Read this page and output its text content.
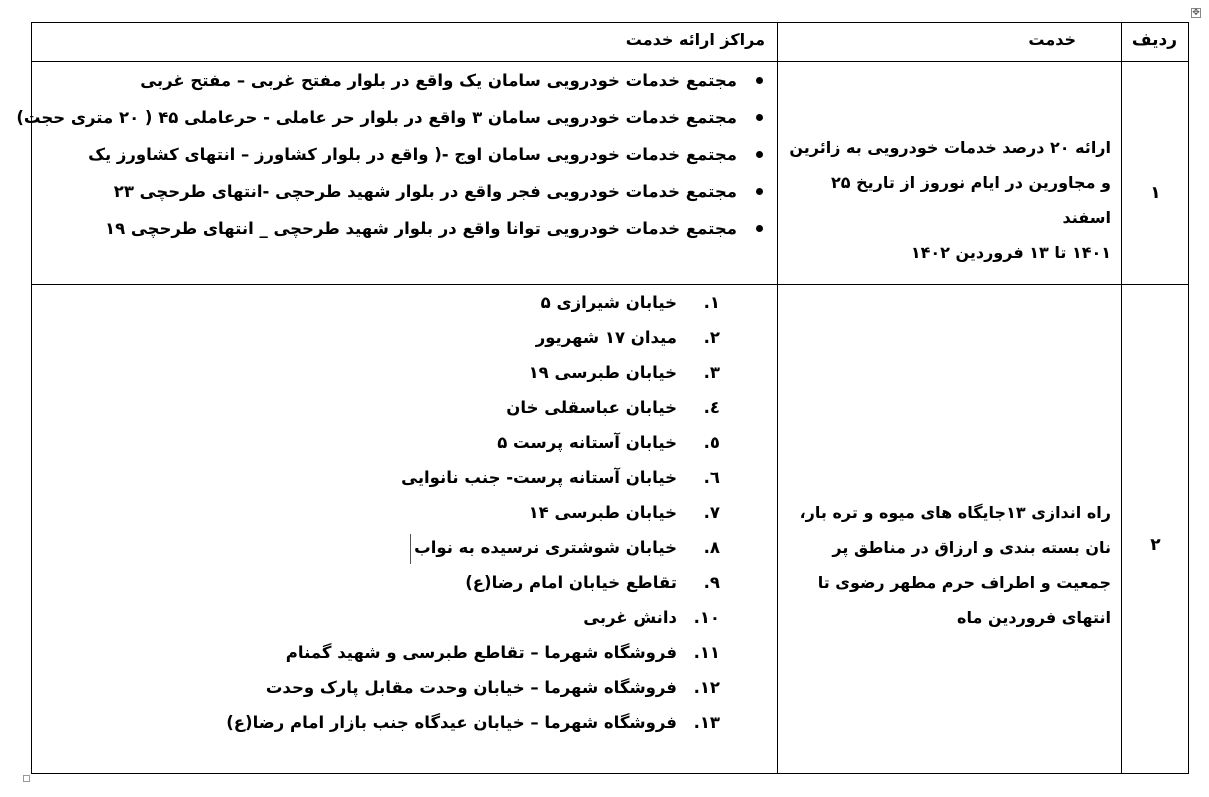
✥
ردیف
خدمت
مراکز ارائه خدمت
۱
ارائه ۲۰ درصد خدمات خودرویی به زائرین
و مجاورین در ایام نوروز از تاریخ ۲۵ اسفند
۱۴۰۱ تا ۱۳ فروردین ۱۴۰۲
مجتمع خدمات خودرویی سامان یک واقع در بلوار مفتح غربی – مفتح غربی
مجتمع خدمات خودرویی سامان ۳ واقع در بلوار حر عاملی - حرعاملی ۴۵ ( ۲۰ متری حجت)
مجتمع خدمات خودرویی سامان اوج -( واقع در بلوار کشاورز – انتهای کشاورز یک
مجتمع خدمات خودرویی فجر واقع در بلوار شهید طرحچی -انتهای طرحچی ۲۳
مجتمع خدمات خودرویی توانا واقع در بلوار شهید طرحچی _ انتهای طرحچی ۱۹
۲
راه اندازی ۱۳جایگاه های میوه و تره بار،
نان بسته بندی و ارزاق در مناطق پر
جمعیت و اطراف حرم مطهر رضوی تا
انتهای فروردین ماه
۱.
خیابان شیرازی ۵
۲.
میدان ۱۷ شهریور
۳.
خیابان طبرسی ۱۹
٤.
خیابان عباسقلی خان
٥.
خیابان آستانه پرست ۵
٦.
خیابان آستانه پرست- جنب نانوایی
۷.
خیابان طبرسی ۱۴
۸.
خیابان شوشتری نرسیده به نواب
۹.
تقاطع خیابان امام رضا(ع)
۱۰.
دانش غربی
۱۱.
فروشگاه شهرما – تقاطع طبرسی و شهید گمنام
۱۲.
فروشگاه شهرما – خیابان وحدت مقابل پارک وحدت
۱۳.
فروشگاه شهرما – خیابان عیدگاه جنب بازار امام رضا(ع)
